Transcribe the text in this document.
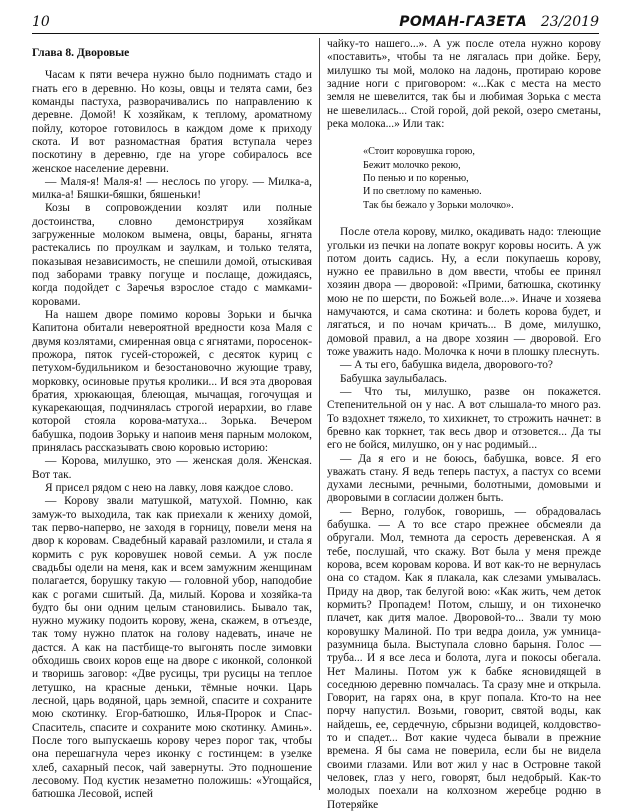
10	РОМАН-ГАЗЕТА 23/2019
Глава 8. Дворовые

Часам к пяти вечера нужно было поднимать стадо и гнать его в деревню. Но козы, овцы и телята сами, без команды пастуха, разворачивались по направлению к деревне. Домой! К хозяйкам, к теплому, ароматному пойлу, которое готовилось в каждом доме к приходу скота. И вот разномастная братия вступала через поскотину в деревню, где на угоре собиралось все женское население деревни.

— Маля-я! Маля-я! — неслось по угору. — Милка-а, милка-а! Бяшки-бяшки, бяшеньки!

Козы в сопровождении козлят или полные достоинства, словно демонстрируя хозяйкам загруженные молоком вымена, овцы, бараны, ягнята растекались по проулкам и заулкам, и только телята, показывая независимость, не спешили домой, отыскивая под заборами травку погуще и послаще, дожидаясь, когда подойдет с Заречья взрослое стадо с мамками-коровами.

На нашем дворе помимо коровы Зорьки и бычка Капитона обитали невероятной вредности коза Маля с двумя козлятами, смиренная овца с ягнятами, поросенок-прожора, пяток гусей-сторожей, с десяток куриц с петухом-будильником и безостановочно жующие траву, морковку, осиновые прутья кролики... И вся эта дворовая братия, хрюкающая, блеющая, мычащая, гогочущая и кукарекающая, подчинялась строгой иерархии, во главе которой стояла корова-матуха... Зорька. Вечером бабушка, подоив Зорьку и напоив меня парным молоком, принялась рассказывать свою коровью историю:

— Корова, милушко, это — женская доля. Женская. Вот так.

Я присел рядом с нею на лавку, ловя каждое слово.

— Корову звали матушкой, матухой. Помню, как замуж-то выходила, так как приехали к жениху домой, так перво-наперво, не заходя в горницу, повели меня на двор к коровам. Свадебный каравай разломили, и стала я кормить с рук коровушек новой семьи. А уж после свадьбы одели на меня, как и всем замужним женщинам полагается, борушку такую — головной убор, наподобие как с рогами сшитый. Да, милый. Корова и хозяйка-та будто бы они одним целым становились. Бывало так, нужно мужику подоить корову, жена, скажем, в отъезде, так тому нужно платок на голову надевать, иначе не дастся. А как на пастбище-то выгонять после зимовки обходишь своих коров еще на дворе с иконкой, солонкой и творишь заговор: «Две русицы, три русицы на теплое летушко, на красные деньки, тёмные ночки. Царь лесной, царь водяной, царь земной, спасите и сохраните мою скотинку. Егор-батюшко, Илья-Пророк и Спас-Спаситель, спасите и сохраните мою скотинку. Аминь». После того выпускаешь корову через порог так, чтобы она перешагнула через иконку с гостинцем: в узелке хлеб, сахарный песок, чай завернуты. Это подношение лесовому. Под кустик незаметно положишь: «Угощайся, батюшка Лесовой, испей

чайку-то нашего...». А уж после отела нужно корову «поставить», чтобы та не лягалась при дойке. Беру, милушко ты мой, молоко на ладонь, протираю корове задние ноги с приговором: «...Как с места на место земля не шевелится, так бы и любимая Зорька с места не шевелилась... Стой горой, дой рекой, озеро сметаны, река молока...» Или так:

«Стоит коровушка горою,
Бежит молочко рекою,
По пенью и по коренью,
И по светлому по каменью.
Так бы бежало у Зорьки молочко».

После отела корову, милко, окадивать надо: тлеющие угольки из печки на лопате вокруг коровы носить. А уж потом доить садись. Ну, а если покупаешь корову, нужно ее правильно в дом ввести, чтобы ее принял хозяин двора — дворовой: «Прими, батюшка, скотинку мою не по шерсти, по Божьей воле...». Иначе и хозяева намучаются, и сама скотина: и болеть корова будет, и лягаться, и по ночам кричать... В доме, милушко, домовой правил, а на дворе хозяин — дворовой. Его тоже уважить надо. Молочка к ночи в плошку плеснуть.

— А ты его, бабушка видела, дворового-то?

Бабушка заулыбалась.

— Что ты, милушко, разве он покажется. Степенительной он у нас. А вот слышала-то много раз. То вздохнет тяжело, то хихикнет, то строжить начнет: в бревно как торкнет, так весь двор и отзовется... Да ты его не бойся, милушко, он у нас родимый...

— Да я его и не боюсь, бабушка, вовсе. Я его уважать стану. Я ведь теперь пастух, а пастух со всеми духами лесными, речными, болотными, домовыми и дворовыми в согласии должен быть.

— Верно, голубок, говоришь, — обрадовалась бабушка. — А то все старо прежнее обсмеяли да обругали. Мол, темнота да серость деревенская. А я тебе, послушай, что скажу. Вот была у меня прежде корова, всем коровам корова. И вот как-то не вернулась она со стадом. Как я плакала, как слезами умывалась. Приду на двор, так белугой вою: «Как жить, чем деток кормить? Пропадем! Потом, слышу, и он тихонечко плачет, как дитя малое. Дворовой-то... Звали ту мою коровушку Малиной. По три ведра доила, уж умница-разумница была. Выступала словно барыня. Голос — труба... И я все леса и болота, луга и покосы обегала. Нет Малины. Потом уж к бабке ясновидящей в соседнюю деревню помчалась. Та сразу мне и открыла. Говорит, на гарях она, в круг попала. Кто-то на нее порчу напустил. Возьми, говорит, святой воды, как найдешь, ее, сердечную, сбрызни водицей, колдовство-то и спадет... Вот какие чудеса бывали в прежние времена. Я бы сама не поверила, если бы не видела своими глазами. Или вот жил у нас в Островне такой человек, глаз у него, говорят, был недобрый. Как-то молодых поехали на колхозном жеребце родню в Потеряйке
